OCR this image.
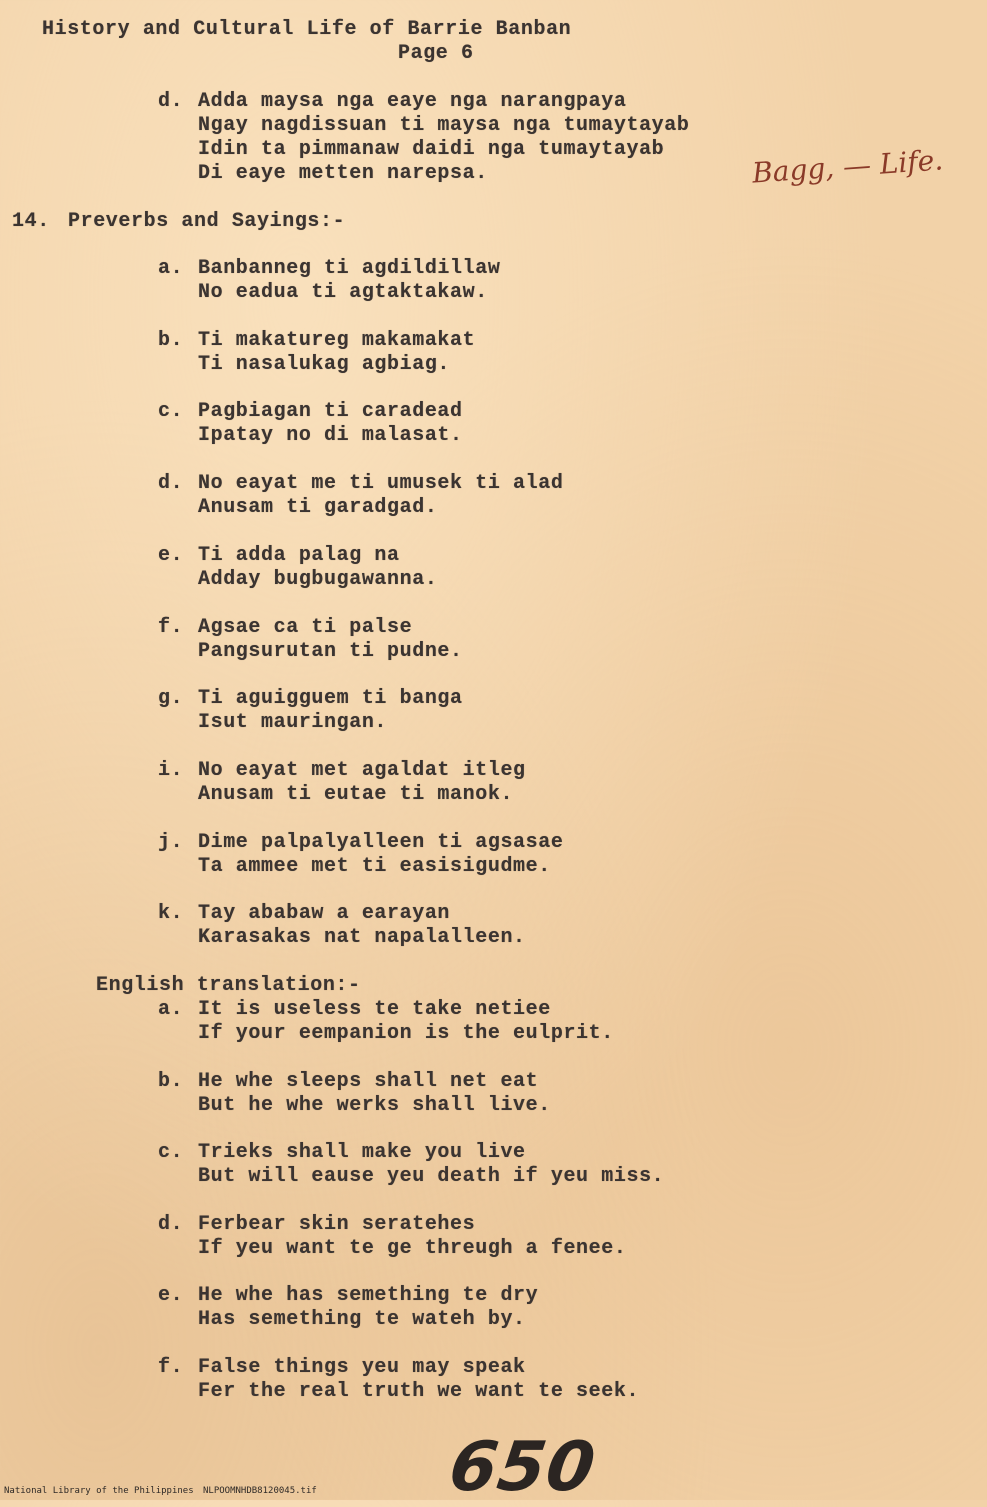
History and Cultural Life of Barrie Banban
Page 6
d. Adda maysa nga eaye nga narangpaya
Ngay nagdissuan ti maysa nga tumaytayab
Idin ta pimmanaw daidi nga tumaytayab
Di eaye metten narepsa.	Bagg, — Life.
14. Preverbs and Sayings:-
a. Banbanneg ti agdildillaw
No eadua ti agtaktakaw.
b. Ti makatureg makamakat
Ti nasalukag agbiag.
c. Pagbiagan ti caradead
Ipatay no di malasat.
d. No eayat me ti umusek ti alad
Anusam ti garadgad.
e. Ti adda palag na
Adday bugbugawanna.
f. Agsae ca ti palse
Pangsurutan ti pudne.
g. Ti aguigguem ti banga
Isut mauringan.
i. No eayat met agaldat itleg
Anusam ti eutae ti manok.
j. Dime palpalyalleen ti agsasae
Ta ammee met ti easisigudme.
k. Tay ababaw a earayan
Karasakas nat napalalleen.
English translation:-
a. It is useless te take netiee
If your eempanion is the eulprit.
b. He whe sleeps shall net eat
But he whe werks shall live.
c. Trieks shall make you live
But will eause yeu death if yeu miss.
d. Ferbear skin seratehes
If yeu want te ge threugh a fenee.
e. He whe has semething te dry
Has semething te wateh by.
f. False things yeu may speak
Fer the real truth we want te seek.
650
National Library of the Philippines NLPOOMNHDB8120045.tif
